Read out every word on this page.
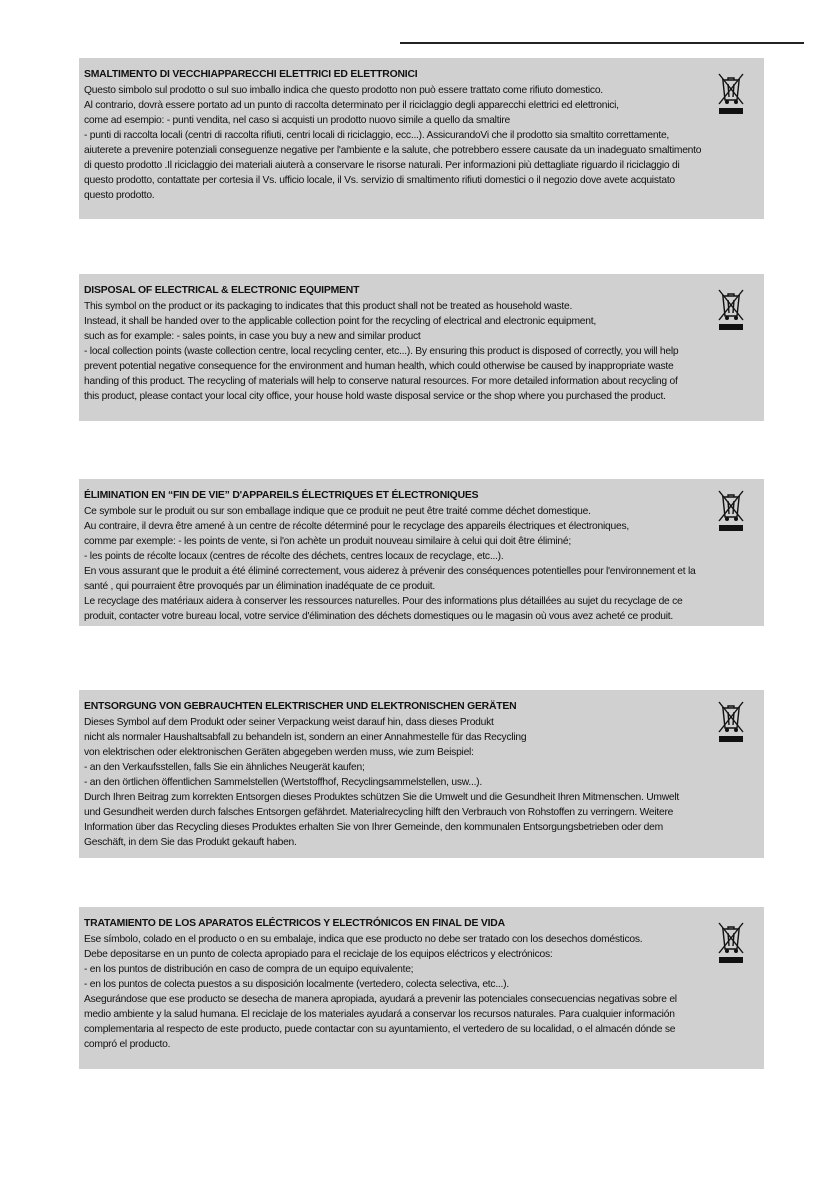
SMALTIMENTO DI VECCHIAPPARECCHI ELETTRICI ED ELETTRONICI
Questo simbolo sul prodotto o sul suo imballo indica che questo prodotto non può essere trattato come rifiuto domestico.
Al contrario, dovrà essere portato ad un punto di raccolta determinato per il riciclaggio degli apparecchi elettrici ed elettronici,
come ad esempio: - punti vendita, nel caso si acquisti un prodotto nuovo simile a quello da smaltire
- punti di raccolta locali (centri di raccolta rifiuti, centri locali di riciclaggio, ecc...). AssicurandoVi che il prodotto sia smaltito correttamente,
aiuterete a prevenire potenziali conseguenze negative per l'ambiente e la salute, che potrebbero essere causate da un inadeguato smaltimento
di questo prodotto .Il riciclaggio dei materiali aiuterà a conservare le risorse naturali. Per informazioni più dettagliate riguardo il riciclaggio di
questo prodotto, contattate per cortesia il Vs. ufficio locale, il Vs. servizio di smaltimento rifiuti domestici o il negozio dove avete acquistato
questo prodotto.
DISPOSAL OF ELECTRICAL & ELECTRONIC EQUIPMENT
This symbol on the product or its packaging to indicates that this product shall not be treated as household waste.
Instead, it shall be handed over to the applicable collection point for the recycling of electrical and electronic equipment,
such as for example: - sales points, in case you buy a new and similar product
- local collection points (waste collection centre, local recycling center, etc...). By ensuring this product is disposed of correctly, you will help
prevent potential negative consequence for the environment and human health, which could otherwise be caused by inappropriate waste
handing of this product. The recycling of materials will help to conserve natural resources. For more detailed information about recycling of
this product, please contact your local city office, your house hold waste disposal service or the shop where you purchased the product.
ÉLIMINATION EN “FIN DE VIE” D'APPAREILS ÉLECTRIQUES ET ÉLECTRONIQUES
Ce symbole sur le produit ou sur son emballage indique que ce produit ne peut être traité comme déchet domestique.
Au contraire, il devra être amené à un centre de récolte déterminé pour le recyclage des appareils électriques et électroniques,
comme par exemple: - les points de vente, si l'on achète un produit nouveau similaire à celui qui doit être éliminé;
- les points de récolte locaux (centres de récolte des déchets, centres locaux de recyclage, etc...).
En vous assurant que le produit a été éliminé correctement, vous aiderez à prévenir des conséquences potentielles pour l'environnement et la
santé , qui pourraient être provoqués par un élimination inadéquate de ce produit.
Le recyclage des matériaux aidera à conserver les ressources naturelles. Pour des informations plus détaillées au sujet du recyclage de ce
produit, contacter votre bureau local, votre service d'élimination des déchets domestiques ou le magasin où vous avez acheté ce produit.
ENTSORGUNG VON GEBRAUCHTEN ELEKTRISCHER UND ELEKTRONISCHEN GERÄTEN
Dieses Symbol auf dem Produkt oder seiner Verpackung weist darauf hin, dass dieses Produkt
nicht als normaler Haushaltsabfall zu behandeln ist, sondern an einer Annahmestelle für das Recycling
von elektrischen oder elektronischen Geräten abgegeben werden muss, wie zum Beispiel:
- an den Verkaufsstellen, falls Sie ein ähnliches Neugerät kaufen;
- an den örtlichen öffentlichen Sammelstellen (Wertstoffhof, Recyclingsammelstellen, usw...).
Durch Ihren Beitrag zum korrekten Entsorgen dieses Produktes schützen Sie die Umwelt und die Gesundheit Ihren Mitmenschen. Umwelt
und Gesundheit werden durch falsches Entsorgen gefährdet. Materialrecycling hilft den Verbrauch von Rohstoffen zu verringern. Weitere
Information über das Recycling dieses Produktes erhalten Sie von Ihrer Gemeinde, den kommunalen Entsorgungsbetrieben oder dem
Geschäft, in dem Sie das Produkt gekauft haben.
TRATAMIENTO DE LOS APARATOS ELÉCTRICOS Y ELECTRÓNICOS EN FINAL DE VIDA
Ese símbolo, colado en el producto o en su embalaje, indica que ese producto no debe ser tratado con los desechos domésticos.
Debe depositarse en un punto de colecta apropiado para el reciclaje de los equipos eléctricos y electrónicos:
- en los puntos de distribución en caso de compra de un equipo equivalente;
- en los puntos de colecta puestos a su disposición localmente (vertedero, colecta selectiva, etc...).
Asegurándose que ese producto se desecha de manera apropiada, ayudará a prevenir las potenciales consecuencias negativas sobre el
medio ambiente y la salud humana. El reciclaje de los materiales ayudará a conservar los recursos naturales. Para cualquier información
complementaria al respecto de este producto, puede contactar con su ayuntamiento, el vertedero de su localidad, o el almacén dónde se
compró el producto.
